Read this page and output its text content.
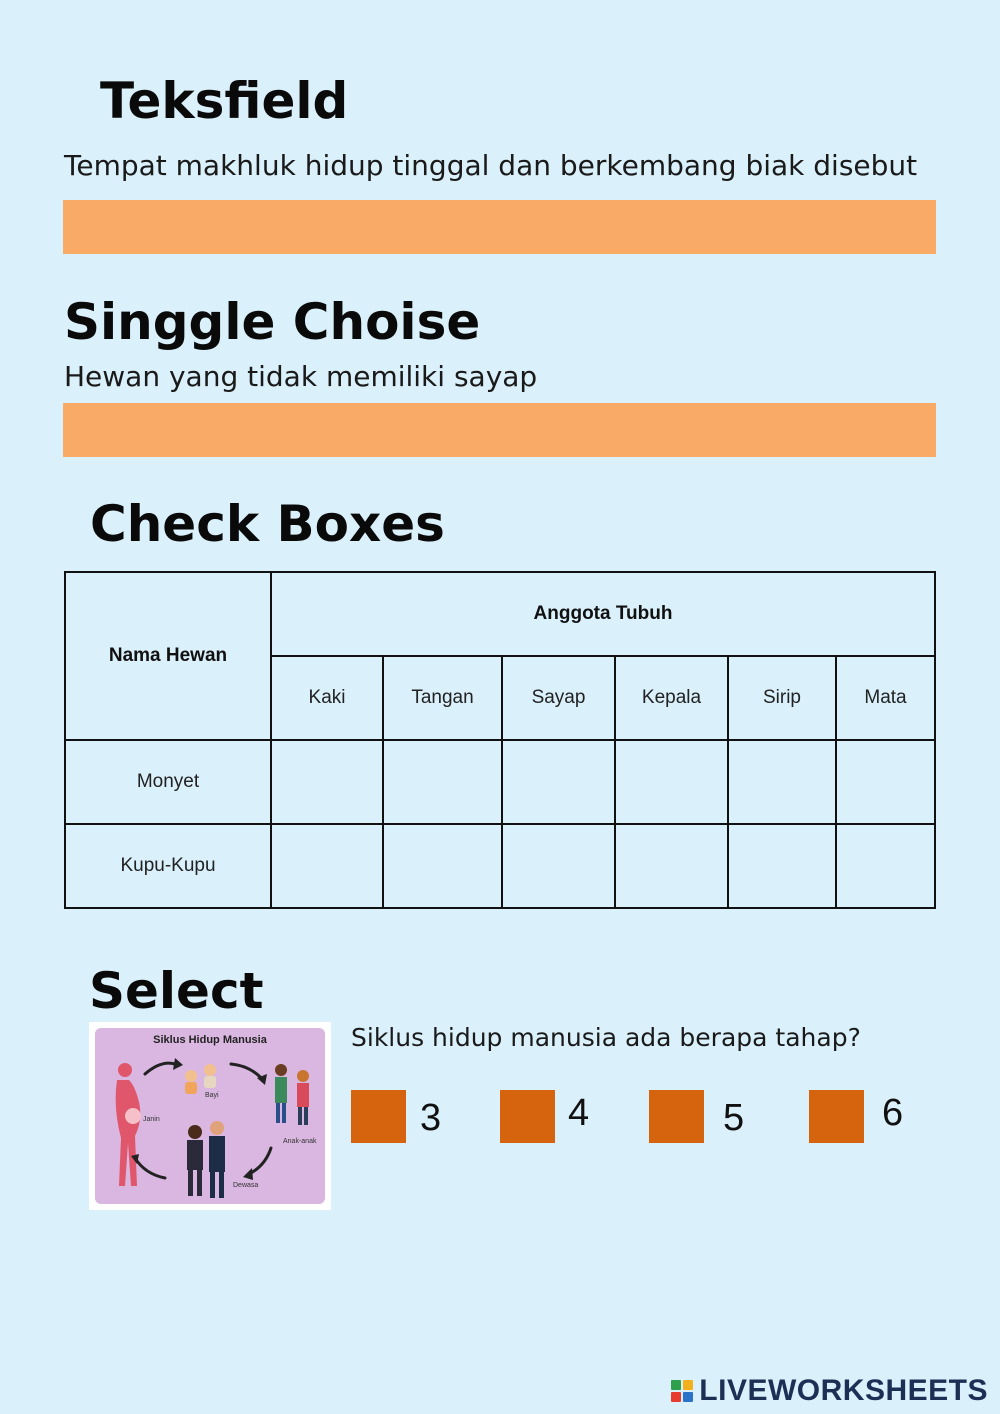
Teksfield
Tempat makhluk hidup tinggal dan berkembang biak disebut
Singgle Choise
Hewan yang tidak memiliki sayap
Check Boxes
Nama Hewan	Anggota Tubuh					
	Kaki	Tangan	Sayap	Kepala	Sirip	Mata
Monyet						
Kupu-Kupu						
Select
Siklus Hidup Manusia
Janin
Bayi
Anak-anak
Dewasa
Siklus hidup manusia ada berapa tahap?
3	4	5	6
LIVEWORKSHEETS
